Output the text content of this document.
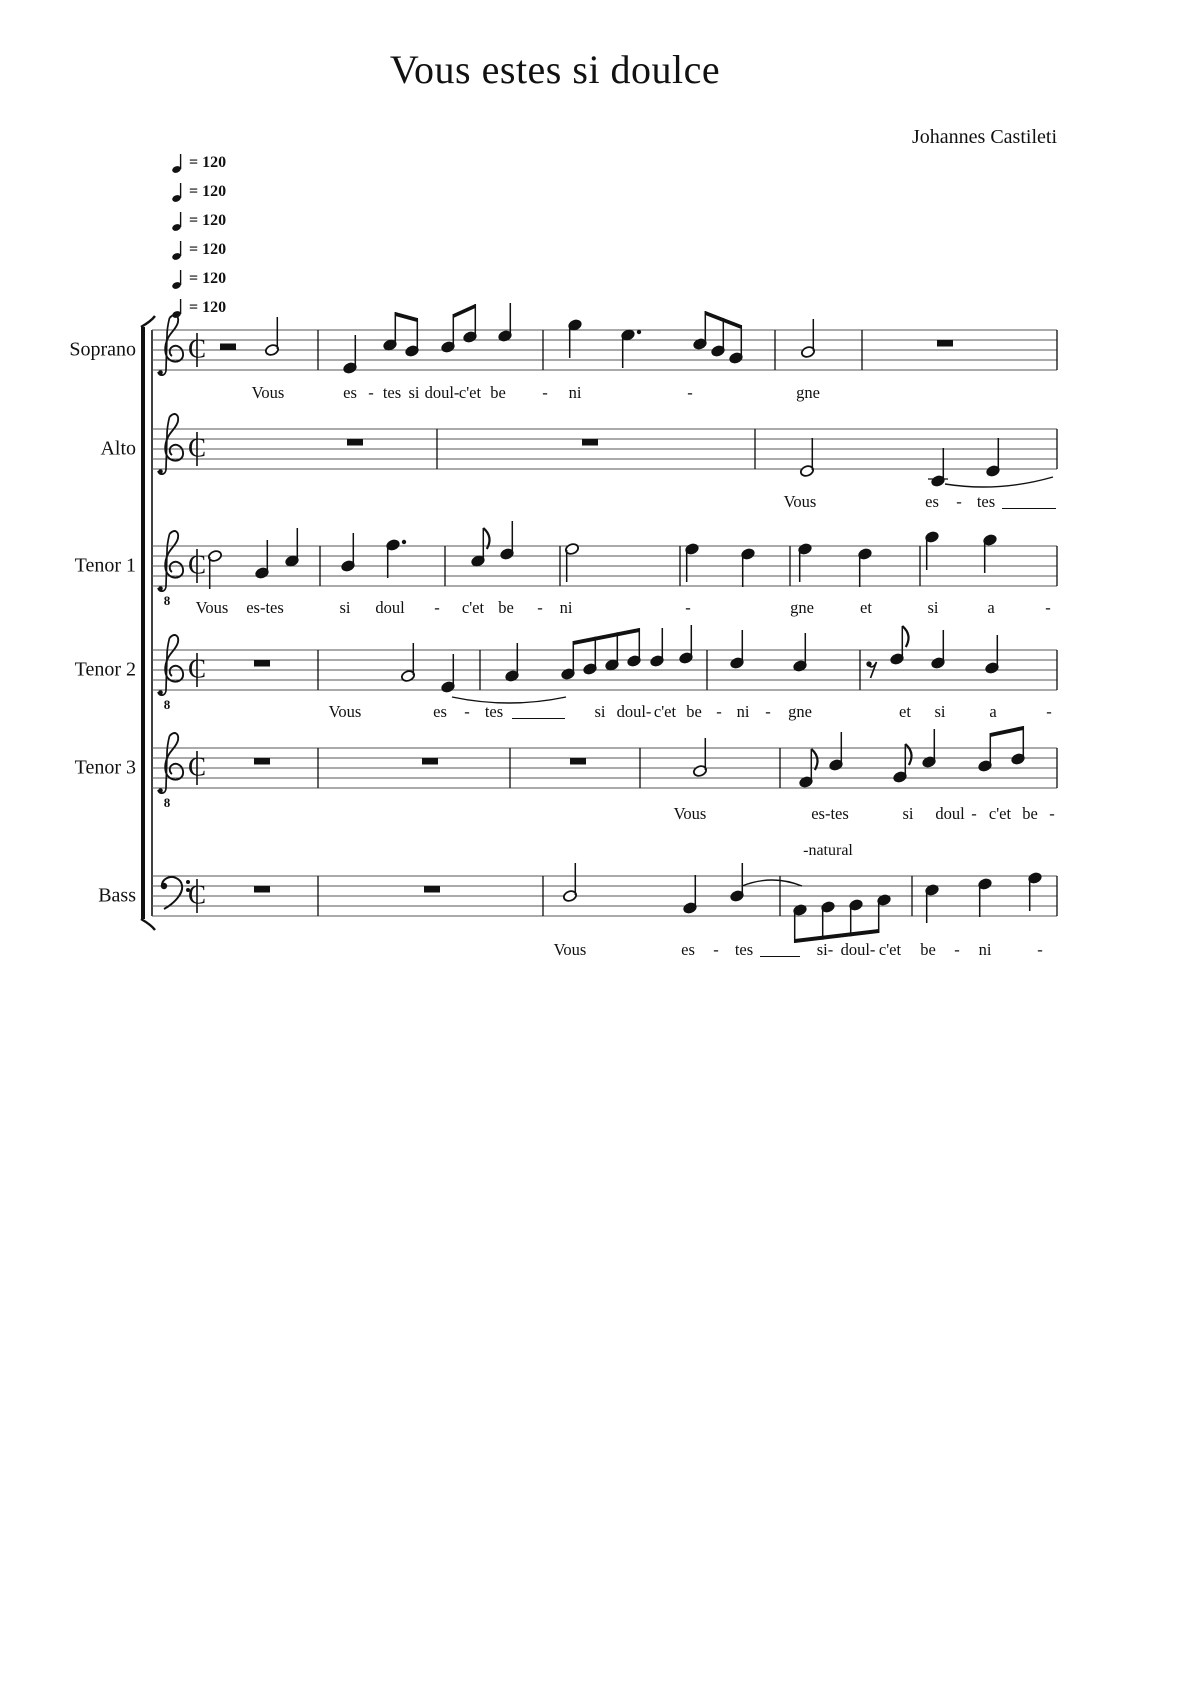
Vous estes si doulce
Johannes Castileti
= 120
= 120
= 120
= 120
= 120
= 120
C
C
8
C
8
C
8
C
C
Soprano
Vous	es - tes si doul- c'et be - ni	-	gne
Alto
Vous	es - tes
Tenor 1
Vous es-tes	si doul - c'et be - ni	-	gne	et	si	a	-
Tenor 2
Vous	es - tes	si doul- c'et be - ni - gne	et si	a	-
Tenor 3
Vous	es-tes	si doul - c'et be -
-natural
Bass
Vous	es - tes	si- doul- c'et be - ni	-
